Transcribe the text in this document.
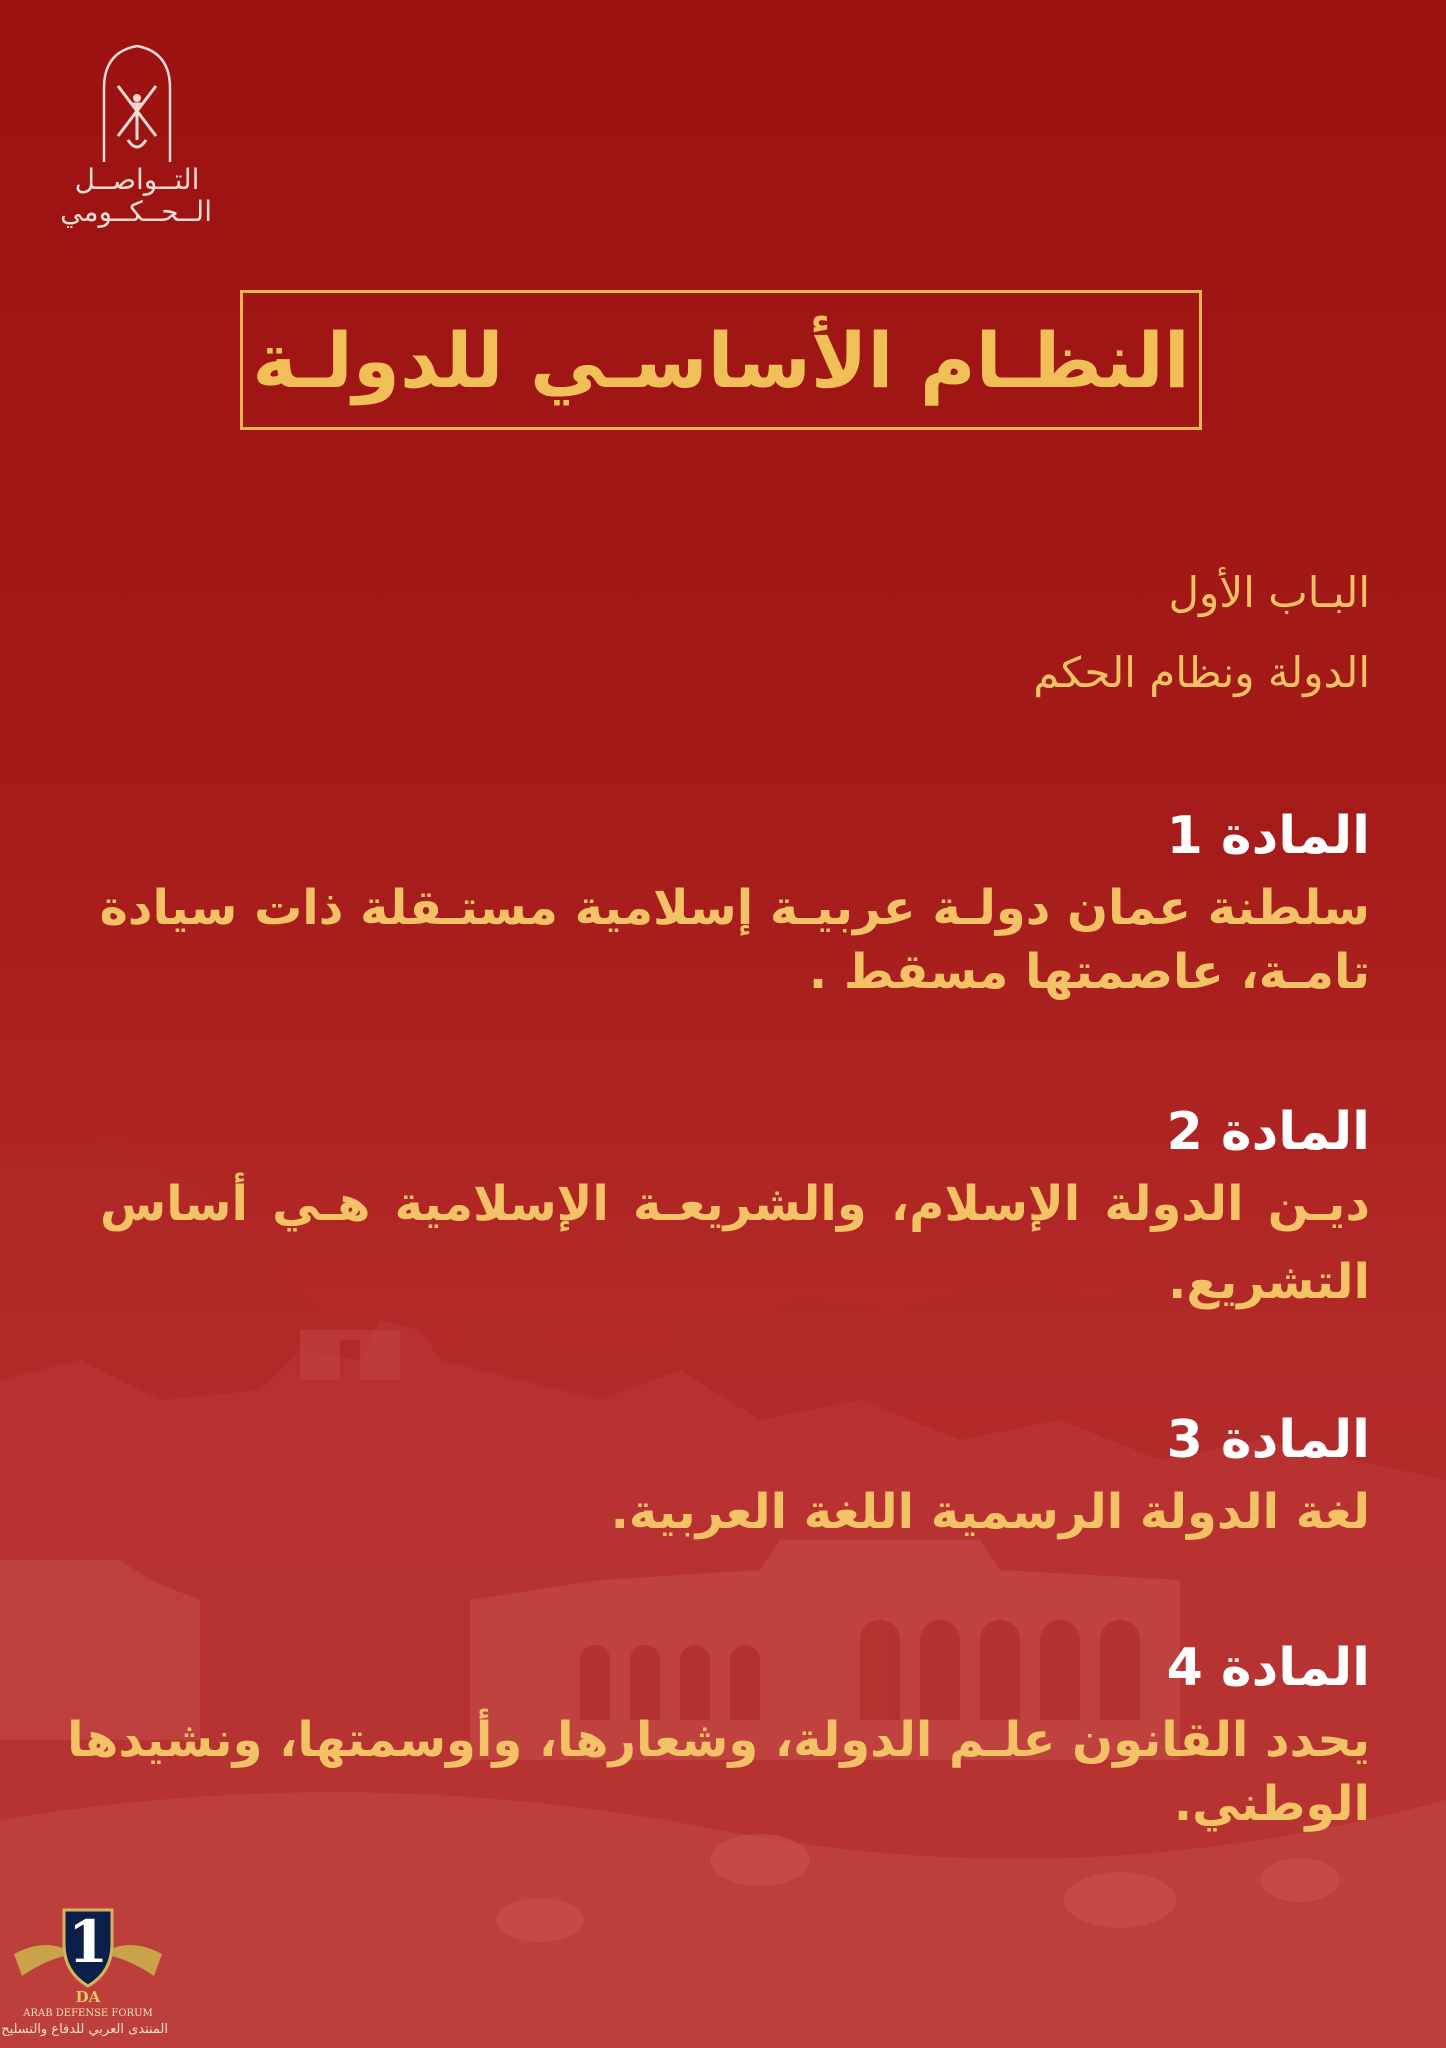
التــواصــل
الــحــكــومي
النظـام الأساسـي للدولـة
البـاب الأول
الدولة ونظام الحكم
المادة 1
سلطنة عمان دولـة عربيـة إسلامية مستـقلة ذات سيادة
تامـة، عاصمتها مسقط .
المادة 2
ديـن الدولة الإسلام، والشريعـة الإسلامية هـي أساس
التشريع.
المادة 3
لغة الدولة الرسمية اللغة العربية.
المادة 4
يحدد القانون علـم الدولة، وشعارها، وأوسمتها، ونشيدها
الوطني.
1
DA
ARAB DEFENSE FORUM
المنتدى العربي للدفاع والتسليح
